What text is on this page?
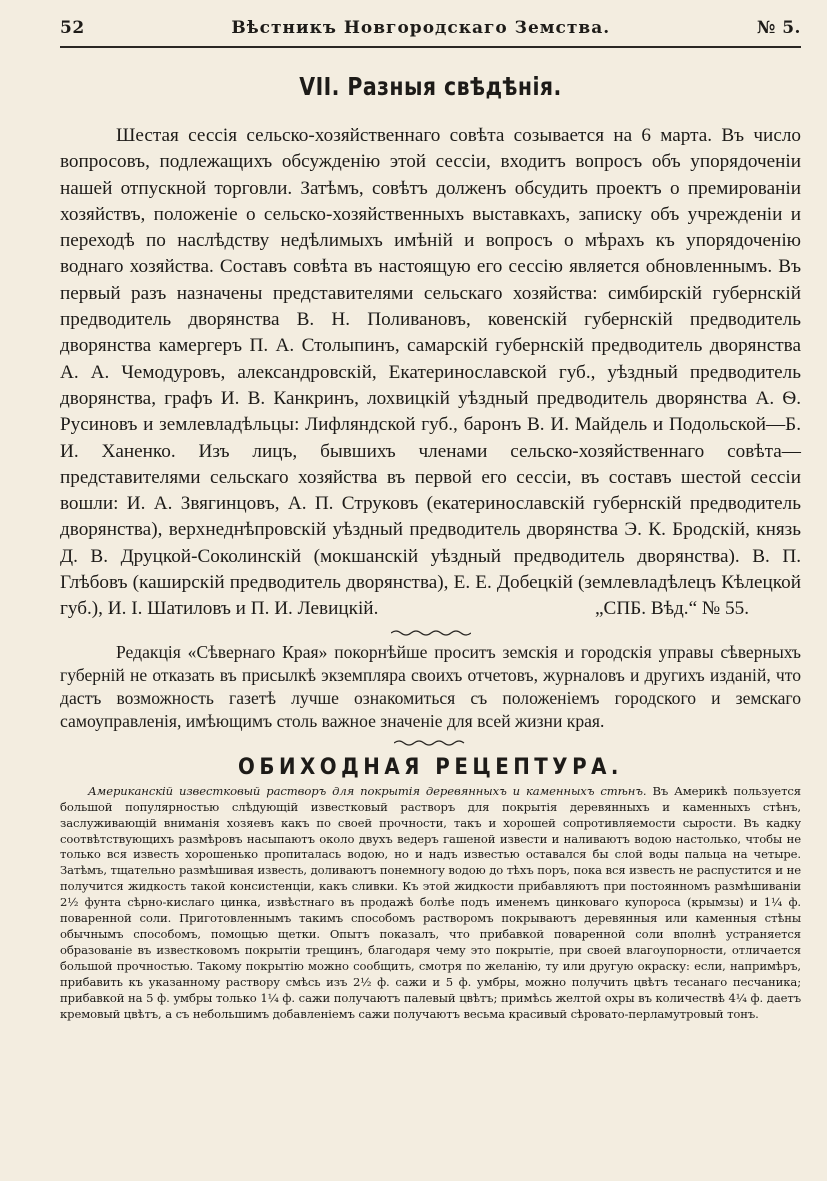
52	Вѣстникъ Новгородскаго Земства.	№ 5.
VII. Разныя свѣдѣнія.

Шестая сессія сельско-хозяйственнаго совѣта созывается на 6 марта. Въ число вопросовъ, подлежащихъ обсужденію этой сессіи, входитъ вопросъ объ упорядоченіи нашей отпускной торговли. Затѣмъ, совѣтъ долженъ обсудить проектъ о премированіи хозяйствъ, положеніе о сельско-хозяйственныхъ выставкахъ, записку объ учрежденіи и переходѣ по наслѣдству недѣлимыхъ имѣній и вопросъ о мѣрахъ къ упорядоченію воднаго хозяйства. Составъ совѣта въ настоящую его сессію является обновленнымъ. Въ первый разъ назначены представителями сельскаго хозяйства: симбирскій губернскій предводитель дворянства В. Н. Поливановъ, ковенскій губернскій предводитель дворянства камергеръ П. А. Столыпинъ, самарскій губернскій предводитель дворянства А. А. Чемодуровъ, александровскій, Екатеринославской губ., уѣздный предводитель дворянства, графъ И. В. Канкринъ, лохвицкій уѣздный предводитель дворянства А. Ѳ. Русиновъ и землевладѣльцы: Лифляндской губ., баронъ В. И. Майдель и Подольской—Б. И. Ханенко. Изъ лицъ, бывшихъ членами сельско-хозяйственнаго совѣта—представителями сельскаго хозяйства въ первой его сессіи, въ составъ шестой сессіи вошли: И. А. Звягинцовъ, А. П. Струковъ (екатеринославскій губернскій предводитель дворянства), верхнеднѣпровскій уѣздный предводитель дворянства Э. К. Бродскій, князь Д. В. Друцкой-Соколинскій (мокшанскій уѣздный предводитель дворянства). В. П. Глѣбовъ (каширскій предводитель дворянства), Е. Е. Добецкій (землевладѣлецъ Кѣлецкой губ.), И. I. Шатиловъ и П. И. Левицкій.	„СПБ. Вѣд.“ № 55.

Редакція «Сѣвернаго Края» покорнѣйше проситъ земскія и городскія управы сѣверныхъ губерній не отказать въ присылкѣ экземпляра своихъ отчетовъ, журналовъ и другихъ изданій, что дастъ возможность газетѣ лучше ознакомиться съ положеніемъ городского и земскаго самоуправленія, имѣющимъ столь важное значеніе для всей жизни края.

ОБИХОДНАЯ РЕЦЕПТУРА.

Американскій известковый растворъ для покрытія деревянныхъ и каменныхъ стѣнъ. Въ Америкѣ пользуется большой популярностью слѣдующій известковый растворъ для покрытія деревянныхъ и каменныхъ стѣнъ, заслуживающій вниманія хозяевъ какъ по своей прочности, такъ и хорошей сопротивляемости сырости. Въ кадку соотвѣтствующихъ размѣровъ насыпаютъ около двухъ ведеръ гашеной извести и наливаютъ водою настолько, чтобы не только вся известь хорошенько пропиталась водою, но и надъ известью оставался бы слой воды пальца на четыре. Затѣмъ, тщательно размѣшивая известь, доливаютъ понемногу водою до тѣхъ поръ, пока вся известь не распустится и не получится жидкость такой консистенціи, какъ сливки. Къ этой жидкости прибавляютъ при постоянномъ размѣшиваніи 2½ фунта сѣрно-кислаго цинка, извѣстнаго въ продажѣ болѣе подъ именемъ цинковаго купороса (крымзы) и 1¼ ф. поваренной соли. Приготовленнымъ такимъ способомъ растворомъ покрываютъ деревянныя или каменныя стѣны обычнымъ способомъ, помощью щетки. Опытъ показалъ, что прибавкой поваренной соли вполнѣ устраняется образованіе въ известковомъ покрытіи трещинъ, благодаря чему это покрытіе, при своей влагоупорности, отличается большой прочностью. Такому покрытію можно сообщить, смотря по желанію, ту или другую окраску: если, напримѣръ, прибавить къ указанному раствору смѣсь изъ 2½ ф. сажи и 5 ф. умбры, можно получить цвѣтъ тесанаго песчаника; прибавкой на 5 ф. умбры только 1¼ ф. сажи получаютъ палевый цвѣтъ; примѣсь желтой охры въ количествѣ 4¼ ф. даетъ кремовый цвѣтъ, а съ небольшимъ добавленіемъ сажи получаютъ весьма красивый сѣровато-перламутровый тонъ.
